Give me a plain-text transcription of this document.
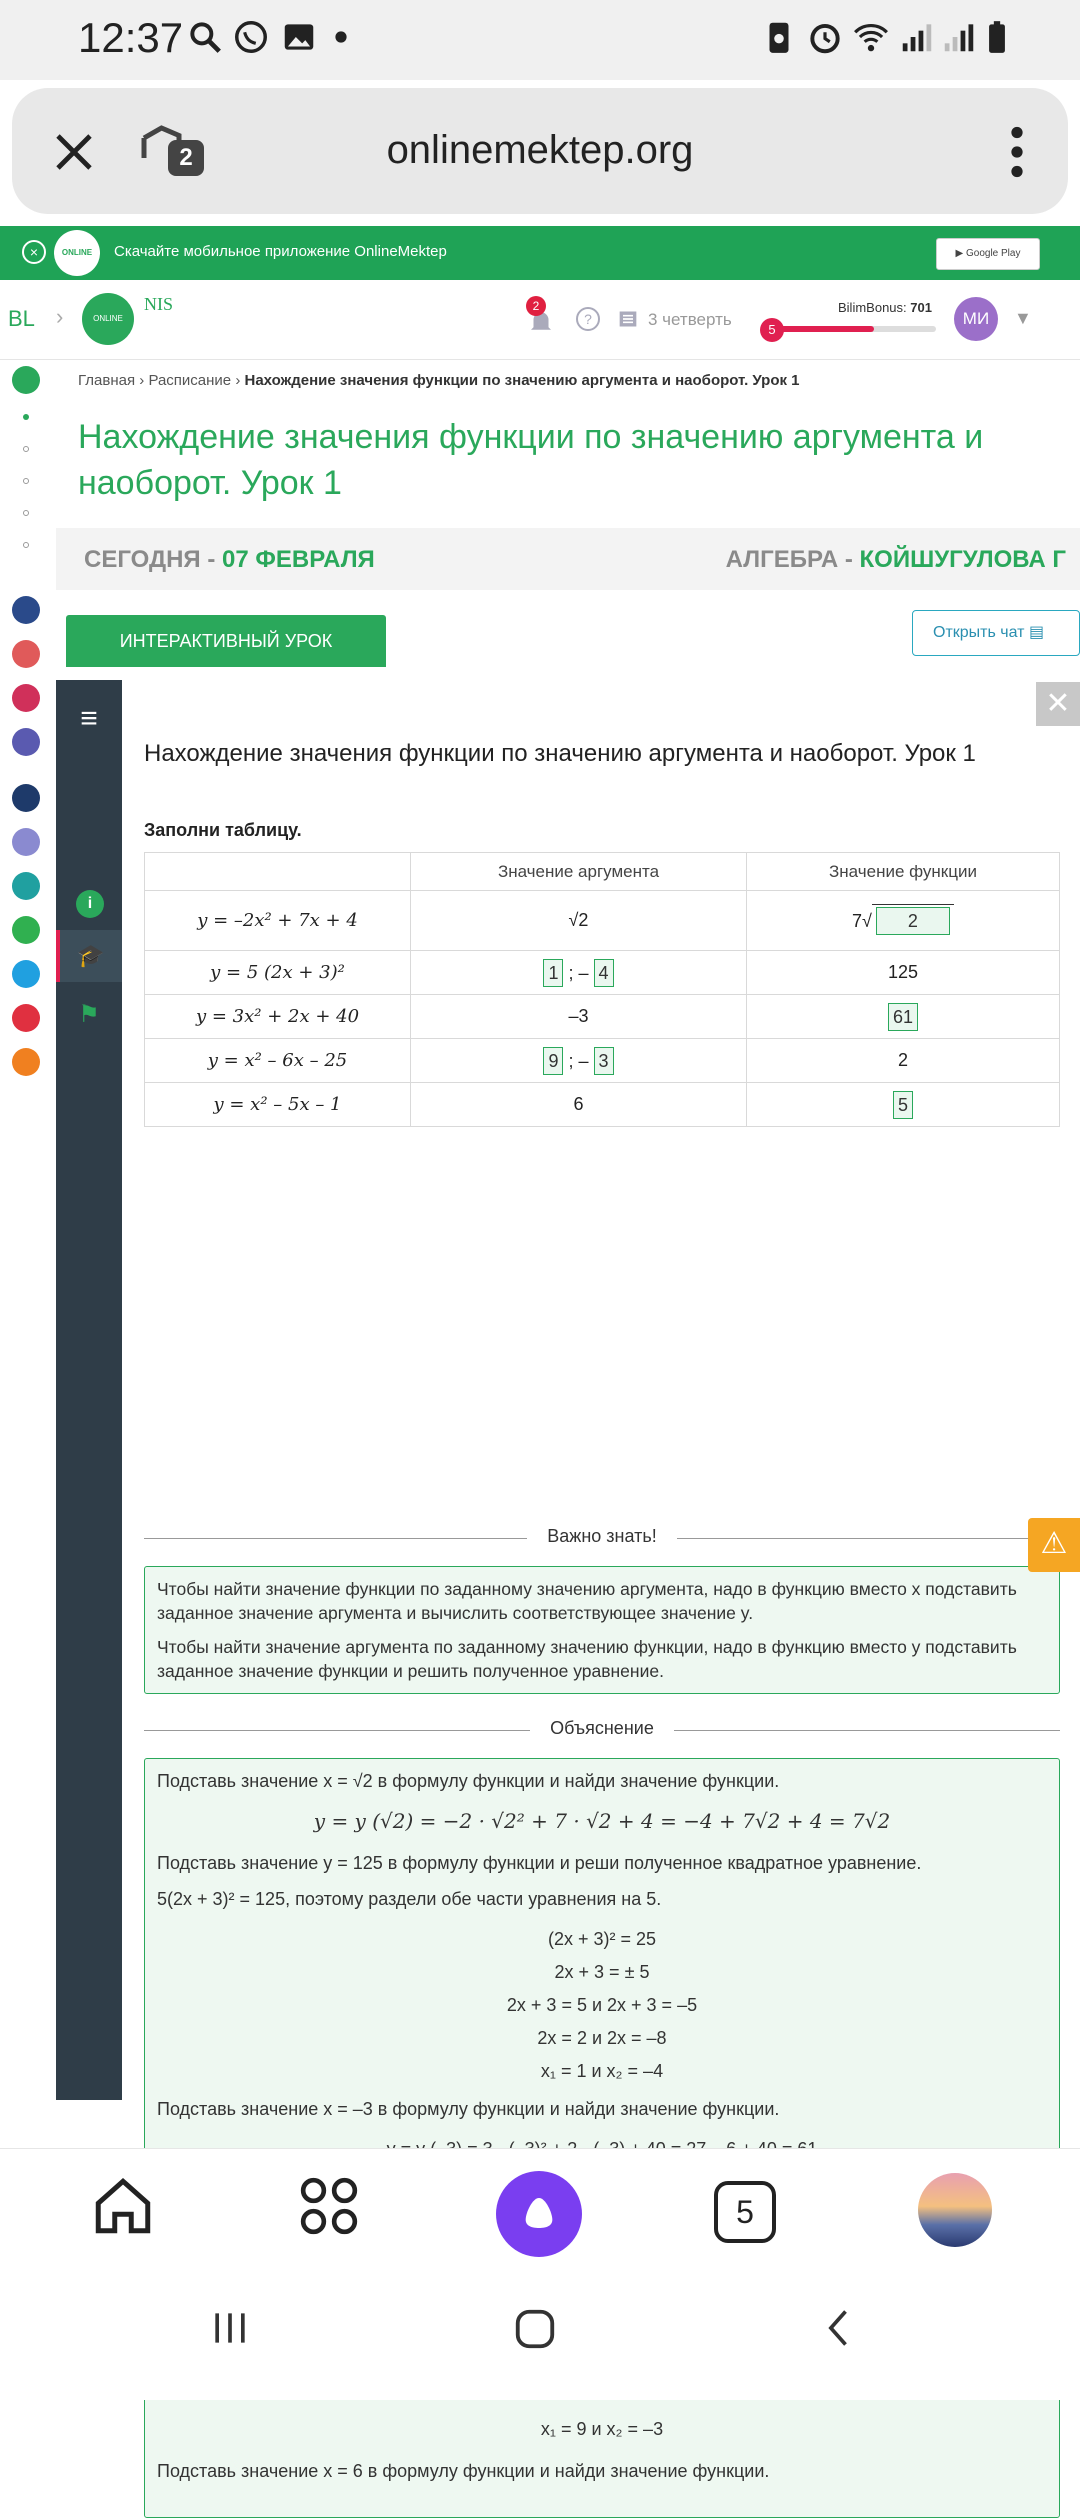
12:37
2	onlinemektep.org
×	ONLINE	Скачайте мобильное приложение OnlineMektep	▶ Google Play
BL ›	ONLINE
NIS	2
?	3 четверть
BilimBonus: 701
5
МИ	▼
Главная › Расписание › Нахождение значения функции по значению аргумента и наоборот. Урок 1
Нахождение значения функции по значению аргумента и наоборот. Урок 1
СЕГОДНЯ - 07 ФЕВРАЛЯ	АЛГЕБРА - КОЙШУГУЛОВА Г
ИНТЕРАКТИВНЫЙ УРОК	Открыть чат ▤
≡
i
🎓
⚑
✕
Нахождение значения функции по значению аргумента и наоборот. Урок 1
Заполни таблицу.
	Значение аргумента	Значение функции
y = –2x² + 7x + 4	√2	7√ 2
y = 5 (2x + 3)²	1 ; – 4	125
y = 3x² + 2x + 40	–3	61
y = x² – 6x – 25	9 ; – 3	2
y = x² – 5x – 1	6	5
Важно знать!

Чтобы найти значение функции по заданному значению аргумента, надо в функцию вместо x подставить заданное значение аргумента и вычислить соответствующее значение y.

Чтобы найти значение аргумента по заданному значению функции, надо в функцию вместо y подставить заданное значение функции и решить полученное уравнение.

Объяснение
Подставь значение x = √2 в формулу функции и найди значение функции.
y = y (√2) = −2 · √2² + 7 · √2 + 4 = −4 + 7√2 + 4 = 7√2
Подставь значение y = 125 в формулу функции и реши полученное квадратное уравнение.
5(2x + 3)² = 125, поэтому раздели обе части уравнения на 5.
(2x + 3)² = 25
2x + 3 = ± 5
2x + 3 = 5 и 2x + 3 = –5
2x = 2 и 2x = –8
x₁ = 1 и x₂ = –4
Подставь значение x = –3 в формулу функции и найди значение функции.
x₁ = 9 и x₂ = –3
Подставь значение x = 6 в формулу функции и найди значение функции.
⚠
5
